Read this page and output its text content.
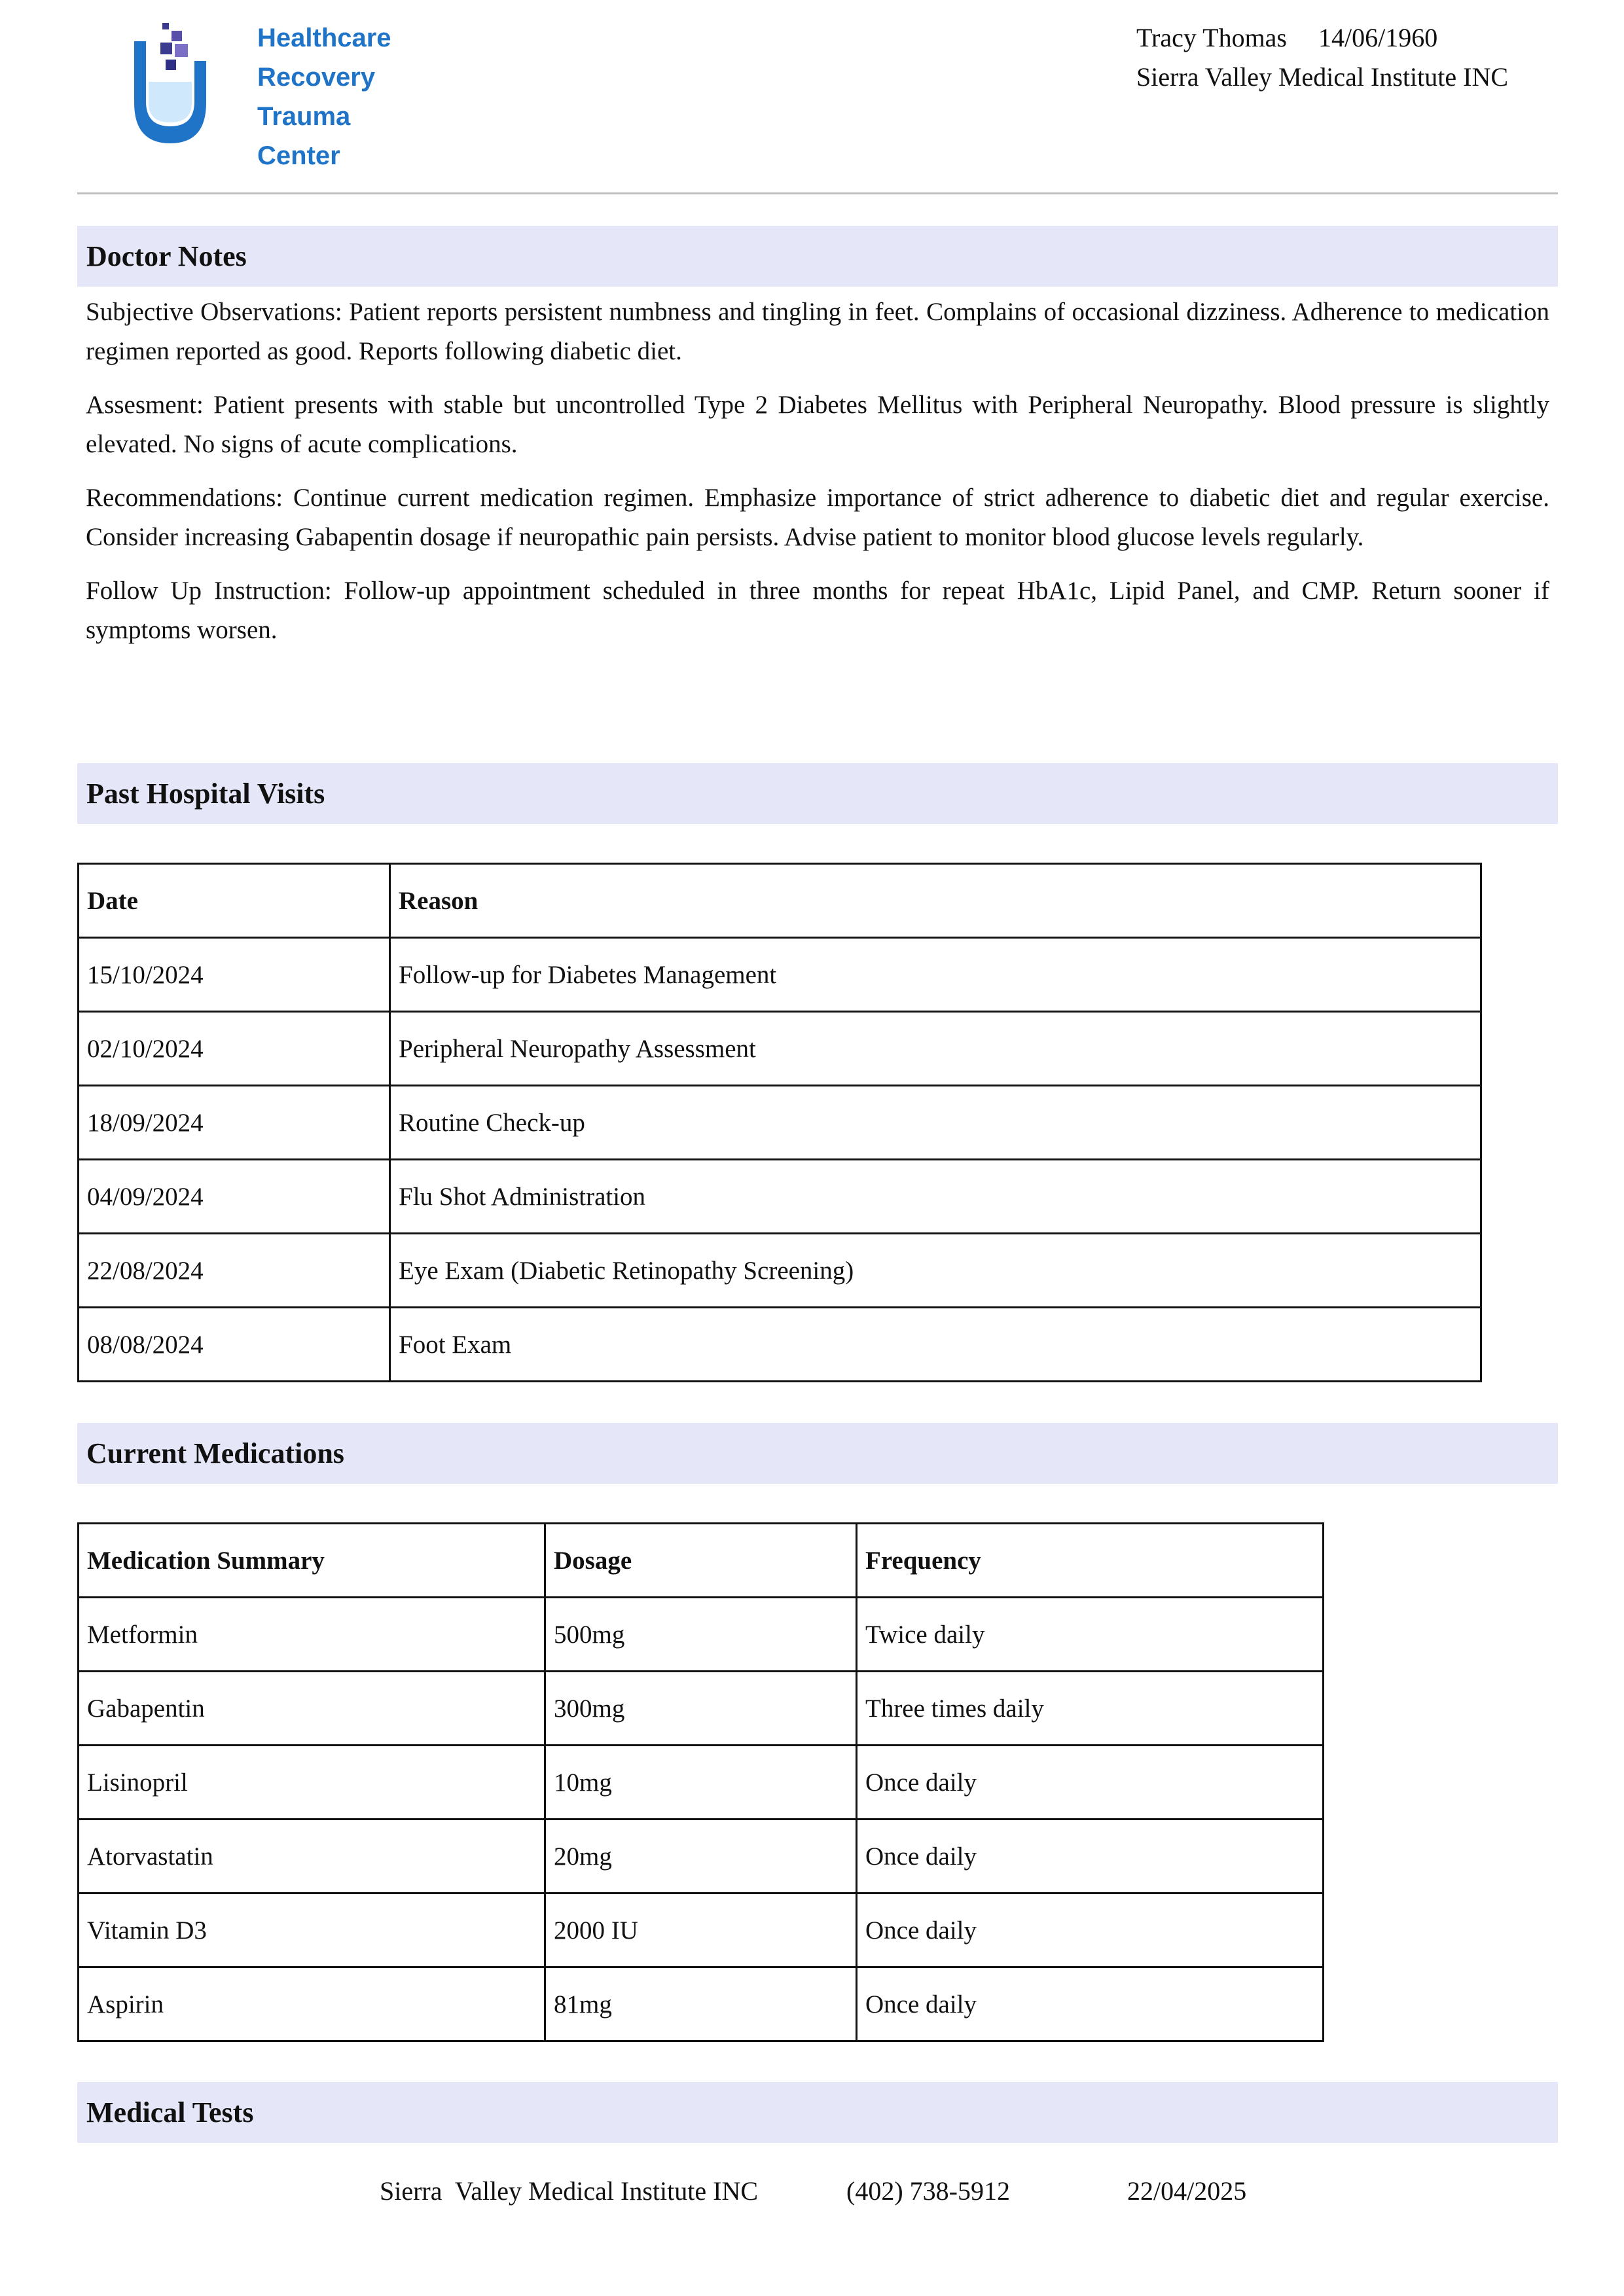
Healthcare
Recovery
Trauma
Center
Tracy Thomas 14/06/1960
Sierra Valley Medical Institute INC
Doctor Notes

Subjective Observations: Patient reports persistent numbness and tingling in feet. Complains of occasional dizziness. Adherence to medication regimen reported as good. Reports following diabetic diet.

Assesment: Patient presents with stable but uncontrolled Type 2 Diabetes Mellitus with Peripheral Neuropathy. Blood pressure is slightly elevated. No signs of acute complications.

Recommendations: Continue current medication regimen. Emphasize importance of strict adherence to diabetic diet and regular exercise. Consider increasing Gabapentin dosage if neuropathic pain persists. Advise patient to monitor blood glucose levels regularly.

Follow Up Instruction: Follow-up appointment scheduled in three months for repeat HbA1c, Lipid Panel, and CMP. Return sooner if symptoms worsen.

Past Hospital Visits
Date	Reason
15/10/2024	Follow-up for Diabetes Management
02/10/2024	Peripheral Neuropathy Assessment
18/09/2024	Routine Check-up
04/09/2024	Flu Shot Administration
22/08/2024	Eye Exam (Diabetic Retinopathy Screening)
08/08/2024	Foot Exam
Current Medications
Medication Summary	Dosage	Frequency
Metformin	500mg	Twice daily
Gabapentin	300mg	Three times daily
Lisinopril	10mg	Once daily
Atorvastatin	20mg	Once daily
Vitamin D3	2000 IU	Once daily
Aspirin	81mg	Once daily
Medical Tests
Sierra  Valley Medical Institute INC	(402) 738-5912	22/04/2025
